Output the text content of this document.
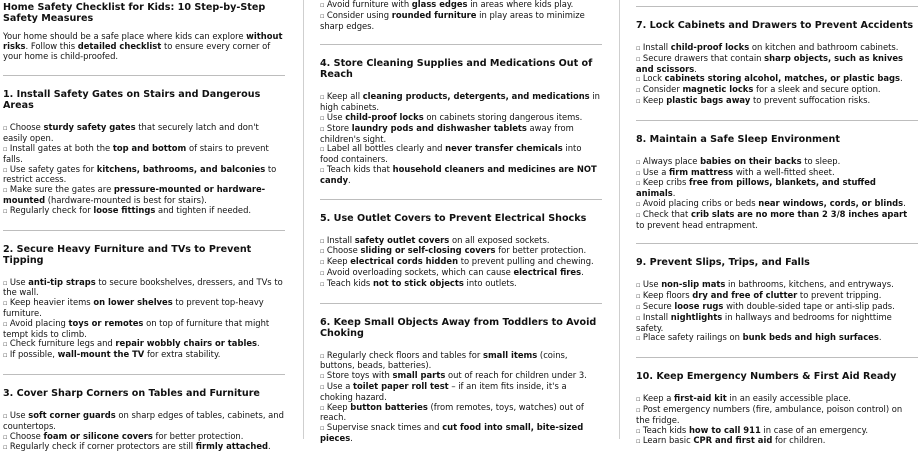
Home Safety Checklist for Kids: 10 Step-by-Step Safety Measures
Your home should be a safe place where kids can explore without risks. Follow this detailed checklist to ensure every corner of your home is child-proofed.
1. Install Safety Gates on Stairs and Dangerous Areas
☐ Choose sturdy safety gates that securely latch and don't easily open.
☐ Install gates at both the top and bottom of stairs to prevent falls.
☐ Use safety gates for kitchens, bathrooms, and balconies to restrict access.
☐ Make sure the gates are pressure-mounted or hardware-mounted (hardware-mounted is best for stairs).
☐ Regularly check for loose fittings and tighten if needed.
2. Secure Heavy Furniture and TVs to Prevent Tipping
☐ Use anti-tip straps to secure bookshelves, dressers, and TVs to the wall.
☐ Keep heavier items on lower shelves to prevent top-heavy furniture.
☐ Avoid placing toys or remotes on top of furniture that might tempt kids to climb.
☐ Check furniture legs and repair wobbly chairs or tables.
☐ If possible, wall-mount the TV for extra stability.
3. Cover Sharp Corners on Tables and Furniture
☐ Use soft corner guards on sharp edges of tables, cabinets, and countertops.
☐ Choose foam or silicone covers for better protection.
☐ Regularly check if corner protectors are still firmly attached.
☐ Avoid furniture with glass edges in areas where kids play.
☐ Consider using rounded furniture in play areas to minimize sharp edges.
4. Store Cleaning Supplies and Medications Out of Reach
☐ Keep all cleaning products, detergents, and medications in high cabinets.
☐ Use child-proof locks on cabinets storing dangerous items.
☐ Store laundry pods and dishwasher tablets away from children's sight.
☐ Label all bottles clearly and never transfer chemicals into food containers.
☐ Teach kids that household cleaners and medicines are NOT candy.
5. Use Outlet Covers to Prevent Electrical Shocks
☐ Install safety outlet covers on all exposed sockets.
☐ Choose sliding or self-closing covers for better protection.
☐ Keep electrical cords hidden to prevent pulling and chewing.
☐ Avoid overloading sockets, which can cause electrical fires.
☐ Teach kids not to stick objects into outlets.
6. Keep Small Objects Away from Toddlers to Avoid Choking
☐ Regularly check floors and tables for small items (coins, buttons, beads, batteries).
☐ Store toys with small parts out of reach for children under 3.
☐ Use a toilet paper roll test – if an item fits inside, it's a choking hazard.
☐ Keep button batteries (from remotes, toys, watches) out of reach.
☐ Supervise snack times and cut food into small, bite-sized pieces.
7. Lock Cabinets and Drawers to Prevent Accidents
☐ Install child-proof locks on kitchen and bathroom cabinets.
☐ Secure drawers that contain sharp objects, such as knives and scissors.
☐ Lock cabinets storing alcohol, matches, or plastic bags.
☐ Consider magnetic locks for a sleek and secure option.
☐ Keep plastic bags away to prevent suffocation risks.
8. Maintain a Safe Sleep Environment
☐ Always place babies on their backs to sleep.
☐ Use a firm mattress with a well-fitted sheet.
☐ Keep cribs free from pillows, blankets, and stuffed animals.
☐ Avoid placing cribs or beds near windows, cords, or blinds.
☐ Check that crib slats are no more than 2 3/8 inches apart to prevent head entrapment.
9. Prevent Slips, Trips, and Falls
☐ Use non-slip mats in bathrooms, kitchens, and entryways.
☐ Keep floors dry and free of clutter to prevent tripping.
☐ Secure loose rugs with double-sided tape or anti-slip pads.
☐ Install nightlights in hallways and bedrooms for nighttime safety.
☐ Place safety railings on bunk beds and high surfaces.
10. Keep Emergency Numbers & First Aid Ready
☐ Keep a first-aid kit in an easily accessible place.
☐ Post emergency numbers (fire, ambulance, poison control) on the fridge.
☐ Teach kids how to call 911 in case of an emergency.
☐ Learn basic CPR and first aid for children.
